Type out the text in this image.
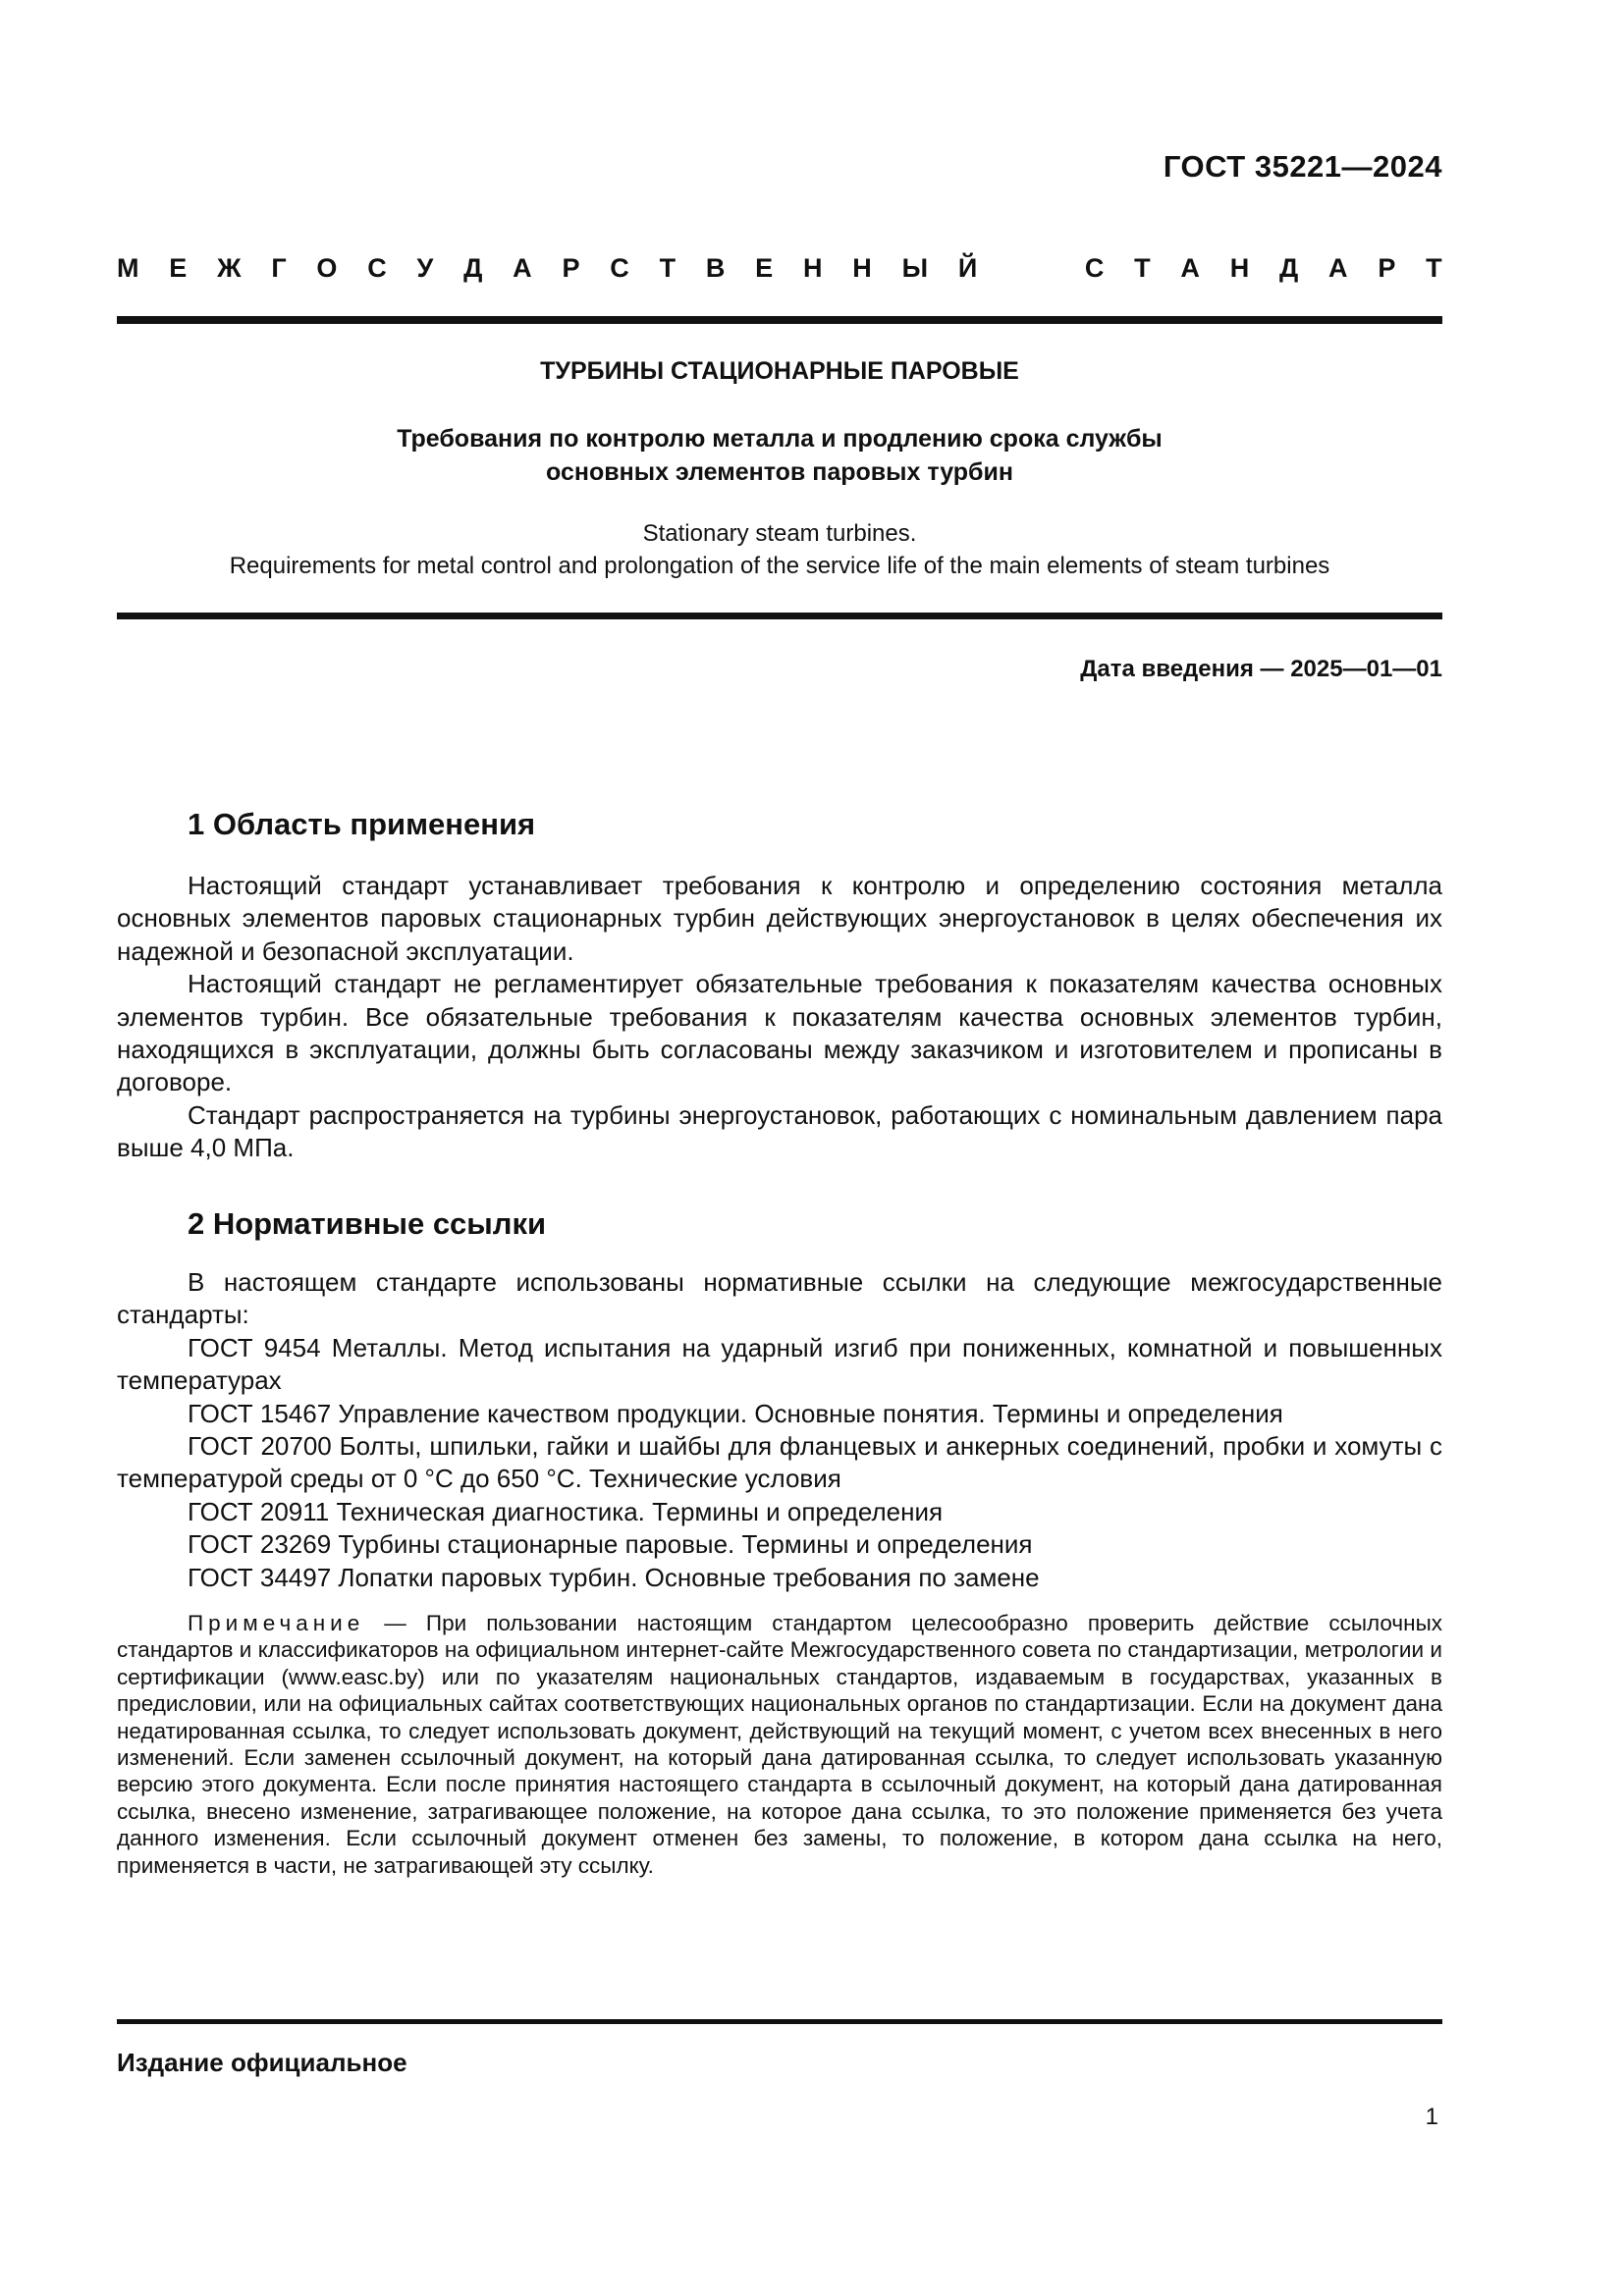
ГОСТ 35221—2024
М Е Ж Г О С У Д А Р С Т В Е Н Н Ы Й	С Т А Н Д А Р Т
ТУРБИНЫ СТАЦИОНАРНЫЕ ПАРОВЫЕ
Требования по контролю металла и продлению срока службы
основных элементов паровых турбин
Stationary steam turbines.
Requirements for metal control and prolongation of the service life of the main elements of steam turbines
Дата введения — 2025—01—01
1 Область применения

Настоящий стандарт устанавливает требования к контролю и определению состояния металла основных элементов паровых стационарных турбин действующих энергоустановок в целях обеспечения их надежной и безопасной эксплуатации.

Настоящий стандарт не регламентирует обязательные требования к показателям качества основных элементов турбин. Все обязательные требования к показателям качества основных элементов турбин, находящихся в эксплуатации, должны быть согласованы между заказчиком и изготовителем и прописаны в договоре.

Стандарт распространяется на турбины энергоустановок, работающих с номинальным давлением пара выше 4,0 МПа.

2 Нормативные ссылки

В настоящем стандарте использованы нормативные ссылки на следующие межгосударственные стандарты:

ГОСТ 9454 Металлы. Метод испытания на ударный изгиб при пониженных, комнатной и повышенных температурах

ГОСТ 15467 Управление качеством продукции. Основные понятия. Термины и определения

ГОСТ 20700 Болты, шпильки, гайки и шайбы для фланцевых и анкерных соединений, пробки и хомуты с температурой среды от 0 °С до 650 °С. Технические условия

ГОСТ 20911 Техническая диагностика. Термины и определения

ГОСТ 23269 Турбины стационарные паровые. Термины и определения

ГОСТ 34497 Лопатки паровых турбин. Основные требования по замене

Примечание — При пользовании настоящим стандартом целесообразно проверить действие ссылочных стандартов и классификаторов на официальном интернет-сайте Межгосударственного совета по стандартизации, метрологии и сертификации (www.easc.by) или по указателям национальных стандартов, издаваемым в государствах, указанных в предисловии, или на официальных сайтах соответствующих национальных органов по стандартизации. Если на документ дана недатированная ссылка, то следует использовать документ, действующий на текущий момент, с учетом всех внесенных в него изменений. Если заменен ссылочный документ, на который дана датированная ссылка, то следует использовать указанную версию этого документа. Если после принятия настоящего стандарта в ссылочный документ, на который дана датированная ссылка, внесено изменение, затрагивающее положение, на которое дана ссылка, то это положение применяется без учета данного изменения. Если ссылочный документ отменен без замены, то положение, в котором дана ссылка на него, применяется в части, не затрагивающей эту ссылку.
Издание официальное
1
